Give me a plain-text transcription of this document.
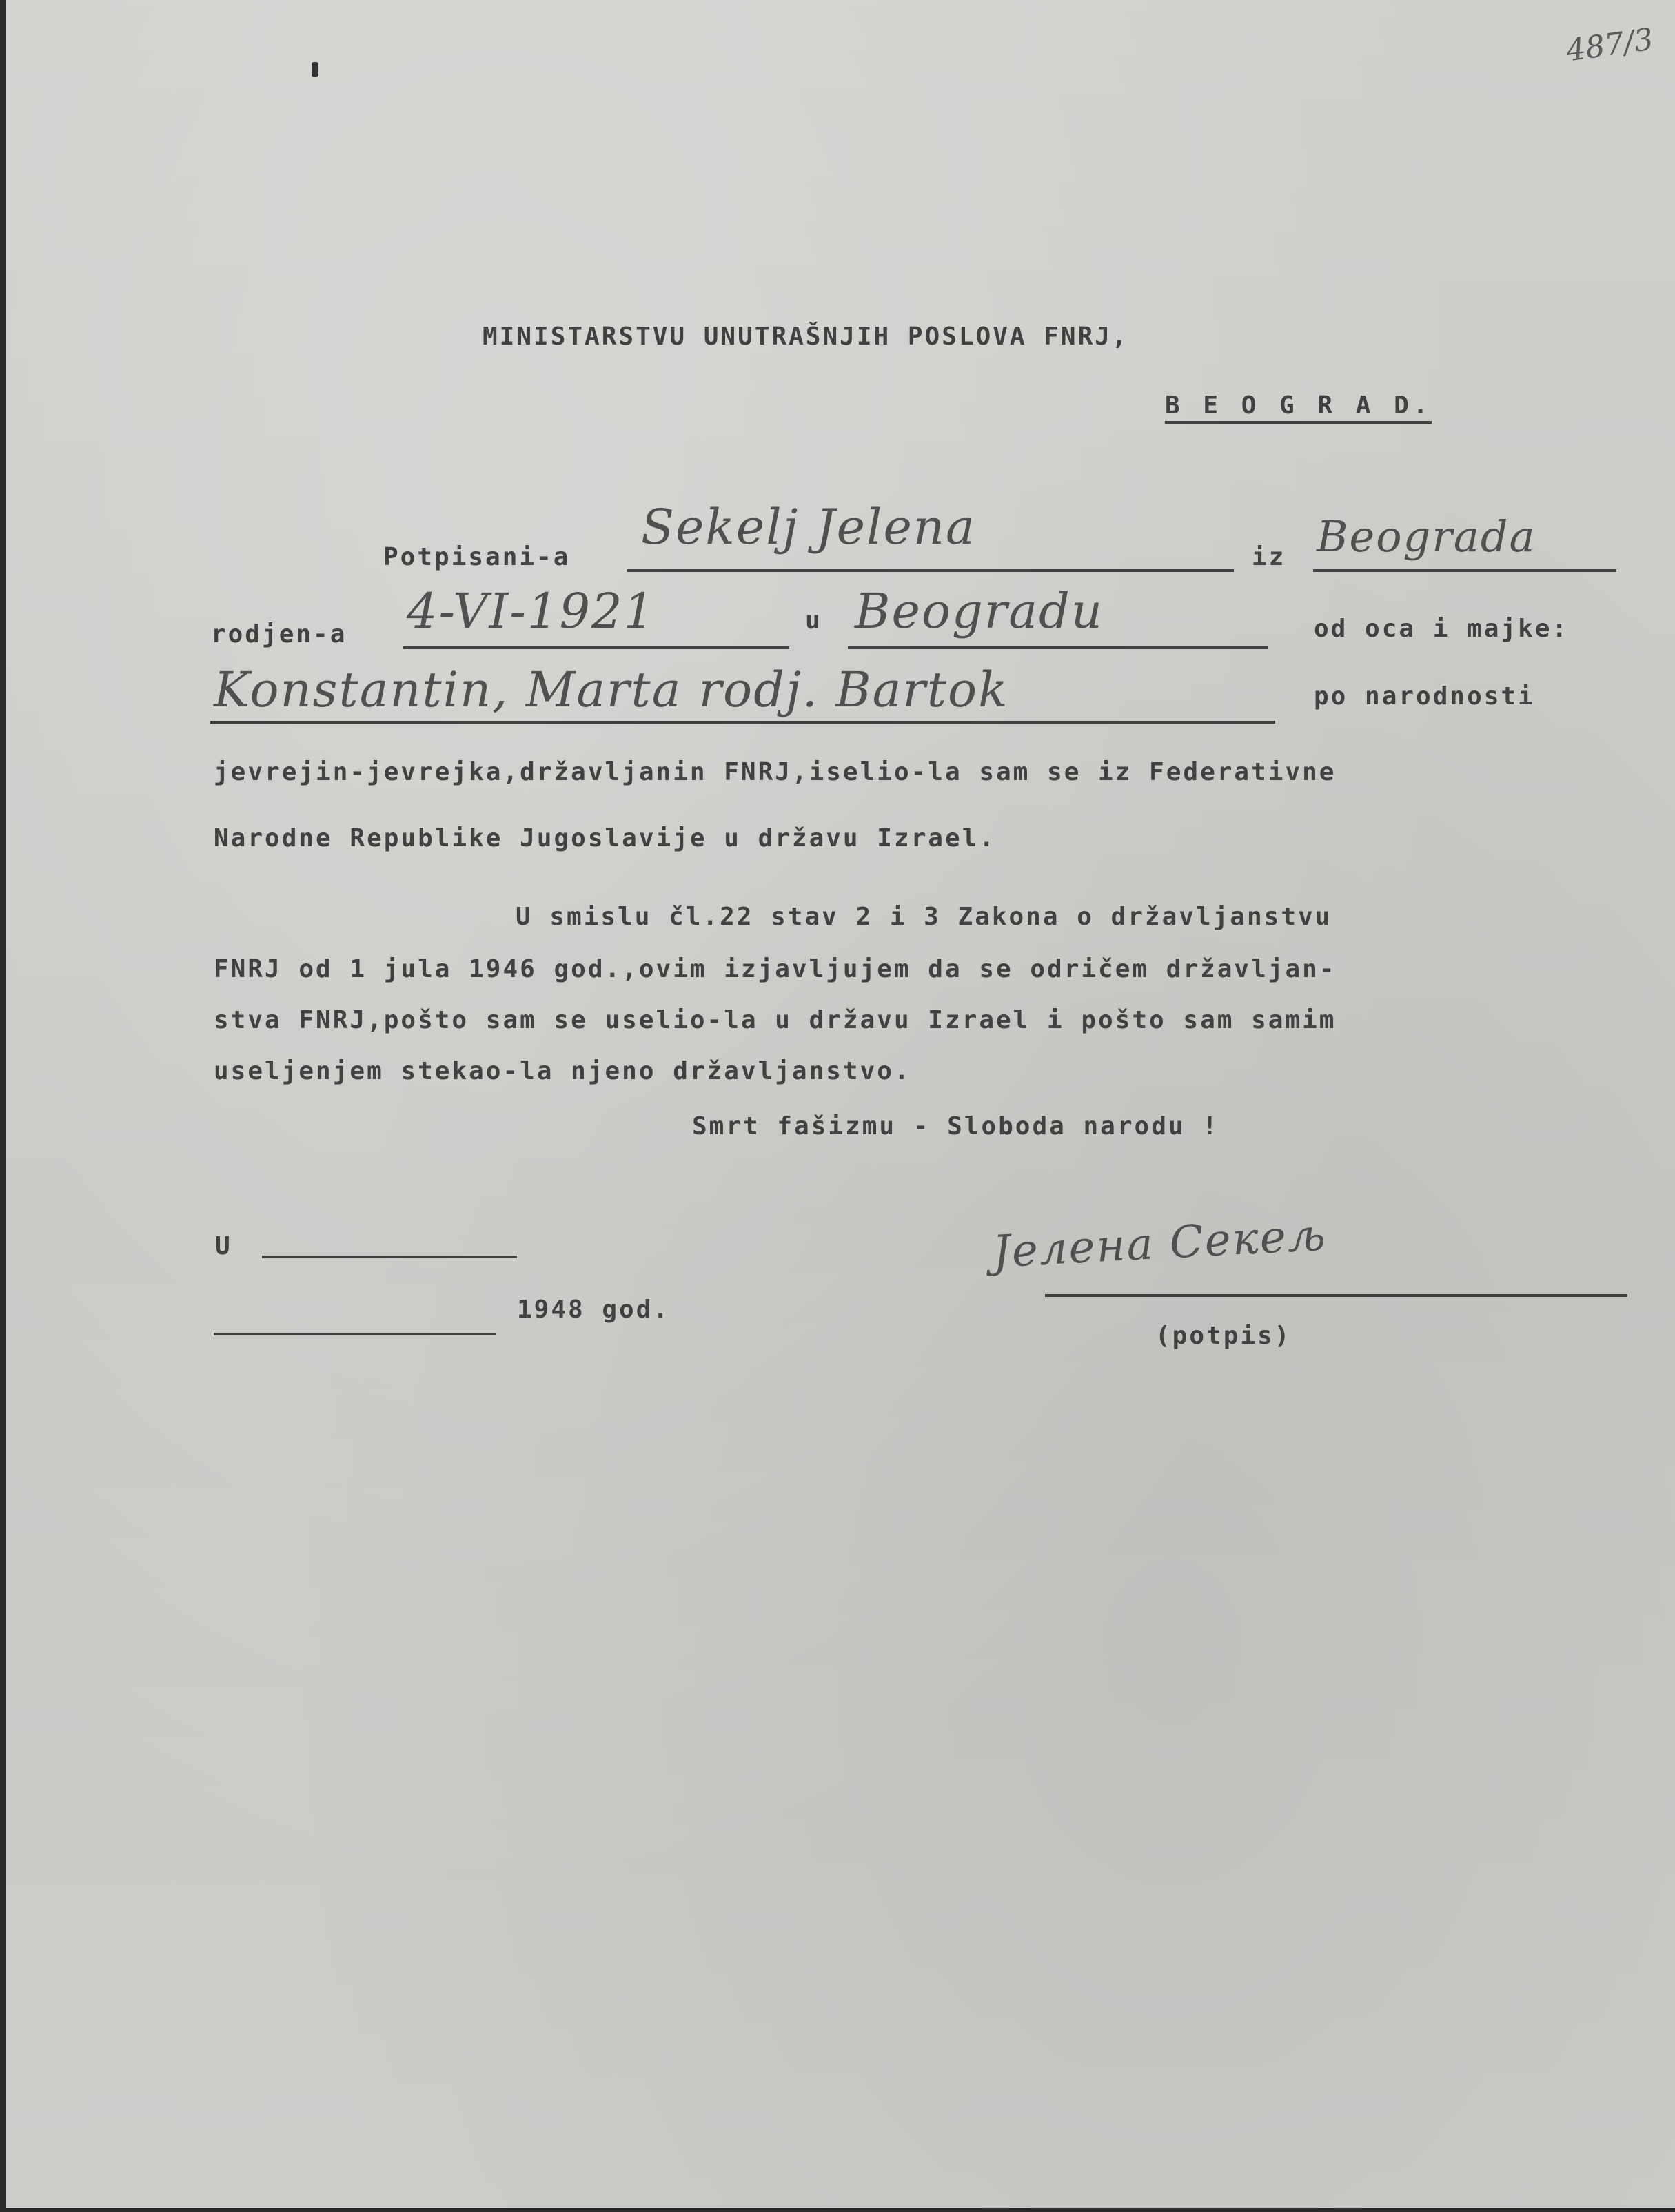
487/3
MINISTARSTVU UNUTRAŠNJIH POSLOVA FNRJ,
B E O G R A D.
Potpisani-a
Sekelj Jelena
iz Beograda
rodjen-a 4-VI-1921	u Beogradu	od oca i majke:
Konstantin, Marta rodj. Bartok	po narodnosti
jevrejin-jevrejka,državljanin FNRJ,iselio-la sam se iz Federativne
Narodne Republike Jugoslavije u državu Izrael.
U smislu čl.22 stav 2 i 3 Zakona o državljanstvu
FNRJ od 1 jula 1946 god.,ovim izjavljujem da se odričem državljan-
stva FNRJ,pošto sam se uselio-la u državu Izrael i pošto sam samim
useljenjem stekao-la njeno državljanstvo.
Smrt fašizmu - Sloboda narodu !
U
1948 god.
Jелена Секељ
(potpis)
